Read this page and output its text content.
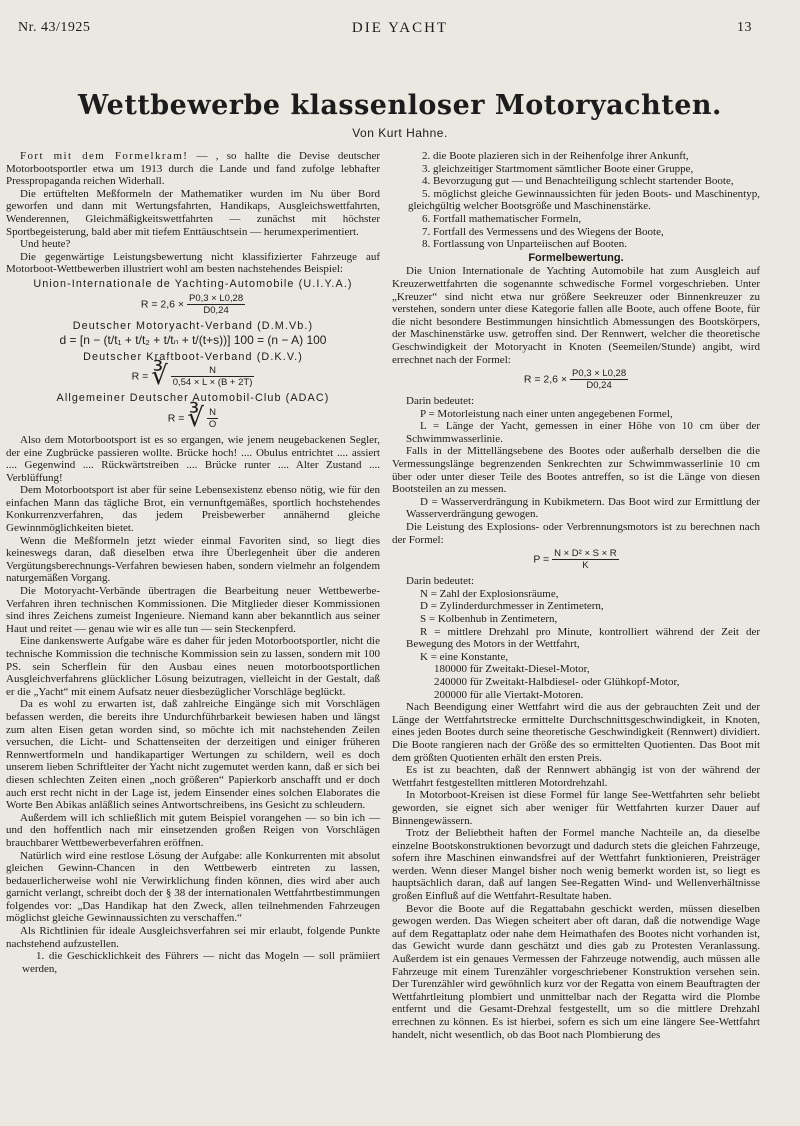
Nr. 43/1925	DIE YACHT	13
Wettbewerbe klassenloser Motoryachten.
Von Kurt Hahne.

Fort mit dem Formelkram! — , so hallte die Devise deutscher Motorbootsportler etwa um 1913 durch die Lande und fand zufolge lebhafter Presspropaganda reichen Widerhall.

Die ertüftelten Meßformeln der Mathematiker wurden im Nu über Bord geworfen und dann mit Wertungsfahrten, Handikaps, Ausgleichswettfahrten, Wenderennen, Gleichmäßigkeitswettfahrten — zunächst mit höchster Sportbegeisterung, bald aber mit tiefem Enttäuschtsein — herumexperimentiert.

Und heute?

Die gegenwärtige Leistungsbewertung nicht klassifizierter Fahrzeuge auf Motorboot-Wettbewerben illustriert wohl am besten nachstehendes Beispiel:

Union-Internationale de Yachting-Automobile (U.I.Y.A.)
$R = 2,6 \times \frac{P0,3 \times L0,28}{D0,24}$
Deutscher Motoryacht-Verband (D.M.Vb.)
d = [n − (t/t₁ + t/t₂ + t/tₙ + t/(t+s))] 100 = (n − A) 100
Deutscher Kraftboot-Verband (D.K.V.)
R = ∛ $\frac{N}{0,54 \times L \times (B + 2T)}$
Allgemeiner Deutscher Automobil-Club (ADAC)
R = ∛ $\frac{N}{O}$

Also dem Motorbootsport ist es so ergangen, wie jenem neugebackenen Segler, der eine Zugbrücke passieren wollte. Brücke hoch! .... Obulus entrichtet .... assiert .... Gegenwind .... Rückwärtstreiben .... Brücke runter .... Alter Zustand .... Verblüffung!

Dem Motorbootsport ist aber für seine Lebensexistenz ebenso nötig, wie für den einfachen Mann das tägliche Brot, ein vernunftgemäßes, sportlich hochstehendes Konkurrenzverfahren, das jedem Preisbewerber annähernd gleiche Gewinnmöglichkeiten bietet.

Wenn die Meßformeln jetzt wieder einmal Favoriten sind, so liegt dies keineswegs daran, daß dieselben etwa ihre Überlegenheit über die anderen Vergütungsberechnungs-Verfahren bewiesen haben, sondern vielmehr an folgendem naturgemäßen Vorgang.

Die Motoryacht-Verbände übertragen die Bearbeitung neuer Wettbewerbe-Verfahren ihren technischen Kommissionen. Die Mitglieder dieser Kommissionen sind ihres Zeichens zumeist Ingenieure. Niemand kann aber bekanntlich aus seiner Haut und reitet — genau wie wir es alle tun — sein Steckenpferd.

Eine dankenswerte Aufgabe wäre es daher für jeden Motorbootsportler, nicht die technische Kommission die technische Kommission sein zu lassen, sondern mit 100 PS. sein Scherflein für den Ausbau eines neuen motorbootsportlichen Ausgleichverfahrens glücklicher Lösung beizutragen, vielleicht in der Gestalt, daß er die „Yacht“ mit einem Aufsatz neuer diesbezüglicher Vorschläge beglückt.

Da es wohl zu erwarten ist, daß zahlreiche Eingänge sich mit Vorschlägen befassen werden, die bereits ihre Undurchführbarkeit bewiesen haben und längst zum alten Eisen getan worden sind, so möchte ich mit nachstehenden Zeilen versuchen, die Licht- und Schattenseiten der derzeitigen und einiger früheren Rennwertformeln und handikapartiger Wertungen zu schildern, weil es doch unserem lieben Schriftleiter der Yacht nicht zugemutet werden kann, daß er sich bei diesen schlechten Zeiten einen „noch größeren“ Papierkorb anschafft und er doch auch erst recht nicht in der Lage ist, jedem Einsender eines solchen Elaborates die Worte Ben Abikas anläßlich seines Antwortschreibens, ins Gesicht zu schleudern.

Außerdem will ich schließlich mit gutem Beispiel vorangehen — so bin ich — und den hoffentlich nach mir einsetzenden großen Reigen von Vorschlägen brauchbarer Wettbewerbeverfahren eröffnen.

Natürlich wird eine restlose Lösung der Aufgabe: alle Konkurrenten mit absolut gleichen Gewinn-Chancen in den Wettbewerb eintreten zu lassen, bedauerlicherweise wohl nie Verwirklichung finden können, dies wird aber auch garnicht verlangt, schreibt doch der § 38 der internationalen Wettfahrtbestimmungen folgendes vor: „Das Handikap hat den Zweck, allen teilnehmenden Fahrzeugen möglichst gleiche Gewinnaussichten zu verschaffen.“

Als Richtlinien für ideale Ausgleichsverfahren sei mir erlaubt, folgende Punkte nachstehend aufzustellen.

1. die Geschicklichkeit des Führers — nicht das Mogeln — soll prämiiert werden,

2. die Boote plazieren sich in der Reihenfolge ihrer Ankunft,

3. gleichzeitiger Startmoment sämtlicher Boote einer Gruppe,

4. Bevorzugung gut — und Benachteiligung schlecht startender Boote,

5. möglichst gleiche Gewinnaussichten für jeden Boots- und Maschinentyp, gleichgültig welcher Bootsgröße und Maschinenstärke.

6. Fortfall mathematischer Formeln,

7. Fortfall des Vermessens und des Wiegens der Boote,

8. Fortlassung von Unparteiischen auf Booten.

Formelbewertung.

Die Union Internationale de Yachting Automobile hat zum Ausgleich auf Kreuzerwettfahrten die sogenannte schwedische Formel vorgeschrieben. Unter „Kreuzer“ sind nicht etwa nur größere Seekreuzer oder Binnenkreuzer zu verstehen, sondern unter diese Kategorie fallen alle Boote, auch offene Boote, für die nicht besondere Bestimmungen hinsichtlich Abmessungen des Bootskörpers, der Maschinenstärke usw. getroffen sind. Der Rennwert, welcher die theoretische Geschwindigkeit der Motoryacht in Knoten (Seemeilen/Stunde) angibt, wird errechnet nach der Formel:

$R = 2,6 \times \frac{P0,3 \times L0,28}{D0,24}$

Darin bedeutet:

P = Motorleistung nach einer unten angegebenen Formel,

L = Länge der Yacht, gemessen in einer Höhe von 10 cm über der Schwimmwasserlinie.

Falls in der Mittellängsebene des Bootes oder außerhalb derselben die die Vermessungslänge begrenzenden Senkrechten zur Schwimmwasserlinie 10 cm über oder unter dieser Teile des Bootes antreffen, so ist die Länge von diesen Bootsteilen an zu messen.

D = Wasserverdrängung in Kubikmetern. Das Boot wird zur Ermittlung der Wasserverdrängung gewogen.

Die Leistung des Explosions- oder Verbrennungsmotors ist zu berechnen nach der Formel:

$P = \frac{\text{N × D² × S × R}}{K}$

Darin bedeutet:

N = Zahl der Explosionsräume,

D = Zylinderdurchmesser in Zentimetern,

S = Kolbenhub in Zentimetern,

R = mittlere Drehzahl pro Minute, kontrolliert während der Zeit der Bewegung des Motors in der Wettfahrt,

K = eine Konstante,

180000 für Zweitakt-Diesel-Motor,

240000 für Zweitakt-Halbdiesel- oder Glühkopf-Motor,

200000 für alle Viertakt-Motoren.

Nach Beendigung einer Wettfahrt wird die aus der gebrauchten Zeit und der Länge der Wettfahrtstrecke ermittelte Durchschnittsgeschwindigkeit, in Knoten, eines jeden Bootes durch seine theoretische Geschwindigkeit (Rennwert) dividiert. Die Boote rangieren nach der Größe des so ermittelten Quotienten. Das Boot mit dem größten Quotienten erhält den ersten Preis.

Es ist zu beachten, daß der Rennwert abhängig ist von der während der Wettfahrt festgestellten mittleren Motordrehzahl.

In Motorboot-Kreisen ist diese Formel für lange See-Wettfahrten sehr beliebt geworden, sie eignet sich aber weniger für Wettfahrten kurzer Dauer auf Binnengewässern.

Trotz der Beliebtheit haften der Formel manche Nachteile an, da dieselbe einzelne Bootskonstruktionen bevorzugt und dadurch stets die gleichen Fahrzeuge, sofern ihre Maschinen einwandsfrei auf der Wettfahrt funktionieren, Preisträger werden. Wenn dieser Mangel bisher noch wenig bemerkt worden ist, so liegt es hauptsächlich daran, daß auf langen See-Regatten Wind- und Wellenverhältnisse großen Einfluß auf die Wettfahrt-Resultate haben.

Bevor die Boote auf die Regattabahn geschickt werden, müssen dieselben gewogen werden. Das Wiegen scheitert aber oft daran, daß die notwendige Wage auf dem Regattaplatz oder nahe dem Heimathafen des Bootes nicht vorhanden ist, das Gewicht wurde dann geschätzt und dies gab zu Protesten Veranlassung. Außerdem ist ein genaues Vermessen der Fahrzeuge notwendig, auch müssen alle Fahrzeuge mit einem Turenzähler vorgeschriebener Konstruktion versehen sein. Der Turenzähler wird gewöhnlich kurz vor der Regatta von einem Beauftragten der Wettfahrtleitung plombiert und unmittelbar nach der Regatta wird die Plombe entfernt und die Gesamt-Drehzal festgestellt, um so die mittlere Drehzahl errechnen zu können. Es ist hierbei, sofern es sich um eine längere See-Wettfahrt handelt, nicht wesentlich, ob das Boot nach Plombierung des
